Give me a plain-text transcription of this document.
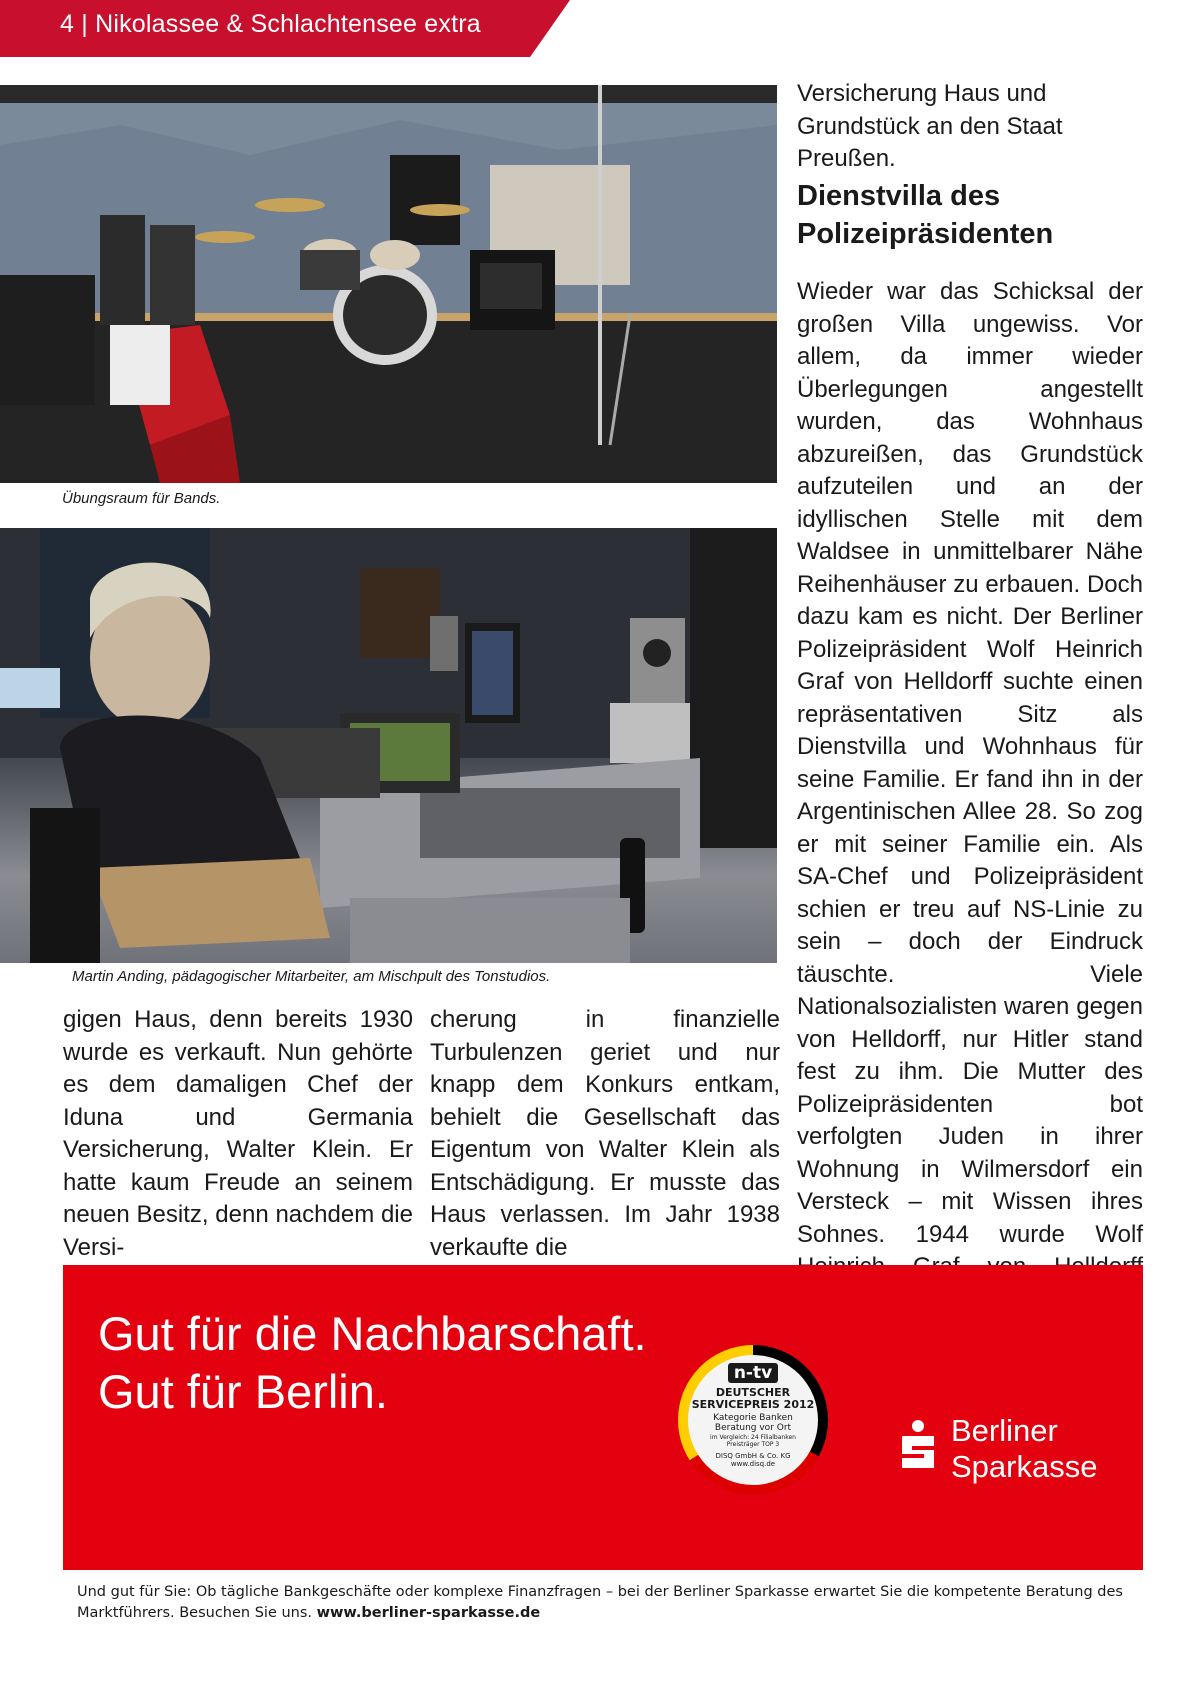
4 | Nikolassee & Schlachtensee extra
Übungsraum für Bands.
Martin Anding, pädagogischer Mitarbeiter, am Mischpult des Tonstudios.
Versicherung Haus und Grundstück an den Staat Preußen.
Dienstvilla des Polizeipräsidenten
Wieder war das Schicksal der großen Villa ungewiss. Vor allem, da immer wieder Überlegungen angestellt wurden, das Wohnhaus abzureißen, das Grundstück aufzuteilen und an der idyllischen Stelle mit dem Waldsee in unmittelbarer Nähe Reihenhäuser zu erbauen. Doch dazu kam es nicht. Der Berliner Polizeipräsident Wolf Heinrich Graf von Helldorff suchte einen repräsentativen Sitz als Dienstvilla und Wohnhaus für seine Familie. Er fand ihn in der Argentinischen Allee 28. So zog er mit seiner Familie ein. Als SA-Chef und Polizeipräsident schien er treu auf NS-Linie zu sein – doch der Eindruck täuschte. Viele Nationalsozialisten waren gegen von Helldorff, nur Hitler stand fest zu ihm. Die Mutter des Polizeipräsidenten bot verfolgten Juden in ihrer Wohnung in Wilmersdorf ein Versteck – mit Wissen ihres Sohnes. 1944 wurde Wolf
gigen Haus, denn bereits 1930 wurde es verkauft. Nun gehörte es dem damaligen Chef der Iduna und Germania Versicherung, Walter Klein. Er hatte kaum Freude an seinem neuen Besitz, denn nachdem die Versi-
cherung in finanzielle Turbulenzen geriet und nur knapp dem Konkurs entkam, behielt die Gesellschaft das Eigentum von Walter Klein als Entschädigung. Er musste das Haus verlassen. Im Jahr 1938 verkaufte die
Gut für die Nachbarschaft.
Gut für Berlin.	n-tv
DEUTSCHER
SERVICEPREIS 2012
Kategorie Banken
Beratung vor Ort
im Vergleich: 24 Filialbanken
Preisträger TOP 3
DISQ GmbH & Co. KG
www.disq.de
Berliner
Sparkasse
Und gut für Sie: Ob tägliche Bankgeschäfte oder komplexe Finanzfragen – bei der Berliner Sparkasse erwartet Sie die kompetente Beratung des Marktführers. Besuchen Sie uns. www.berliner-sparkasse.de
